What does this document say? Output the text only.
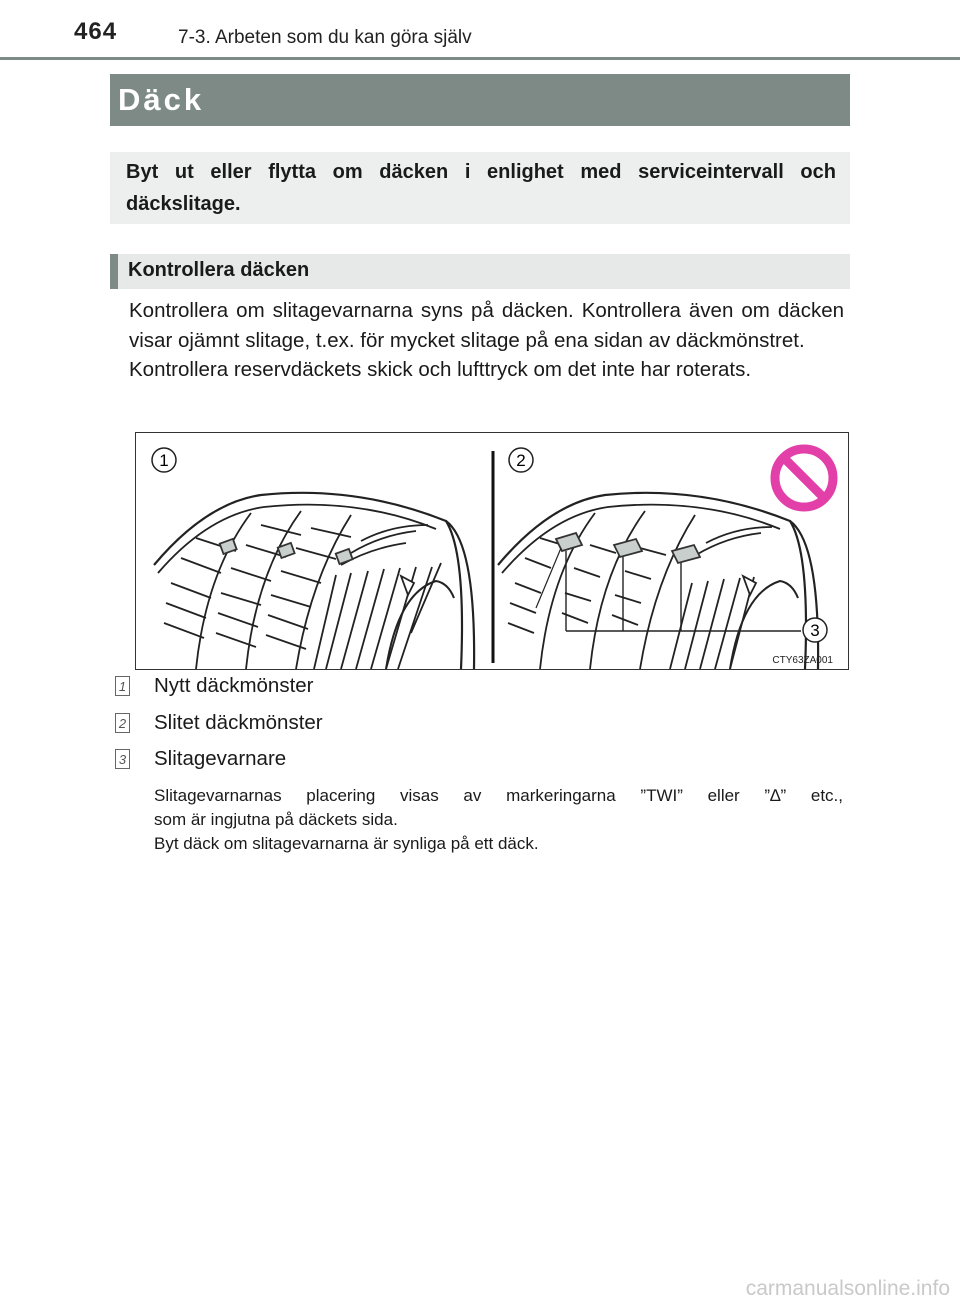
464	7-3. Arbeten som du kan göra själv
Däck
Byt ut eller flytta om däcken i enlighet med serviceintervall och däckslitage.
Kontrollera däcken

Kontrollera om slitagevarnarna syns på däcken. Kontrollera även om däcken visar ojämnt slitage, t.ex. för mycket slitage på ena sidan av däckmönstret.

Kontrollera reservdäckets skick och lufttryck om det inte har roterats.

1	2
3
CTY63ZA001
1 Nytt däckmönster
2 Slitet däckmönster
3 Slitagevarnare

Slitagevarnarnas placering visas av markeringarna ”TWI” eller ”∆” etc.,

som är ingjutna på däckets sida.

Byt däck om slitagevarnarna är synliga på ett däck.

carmanualsonline.info
